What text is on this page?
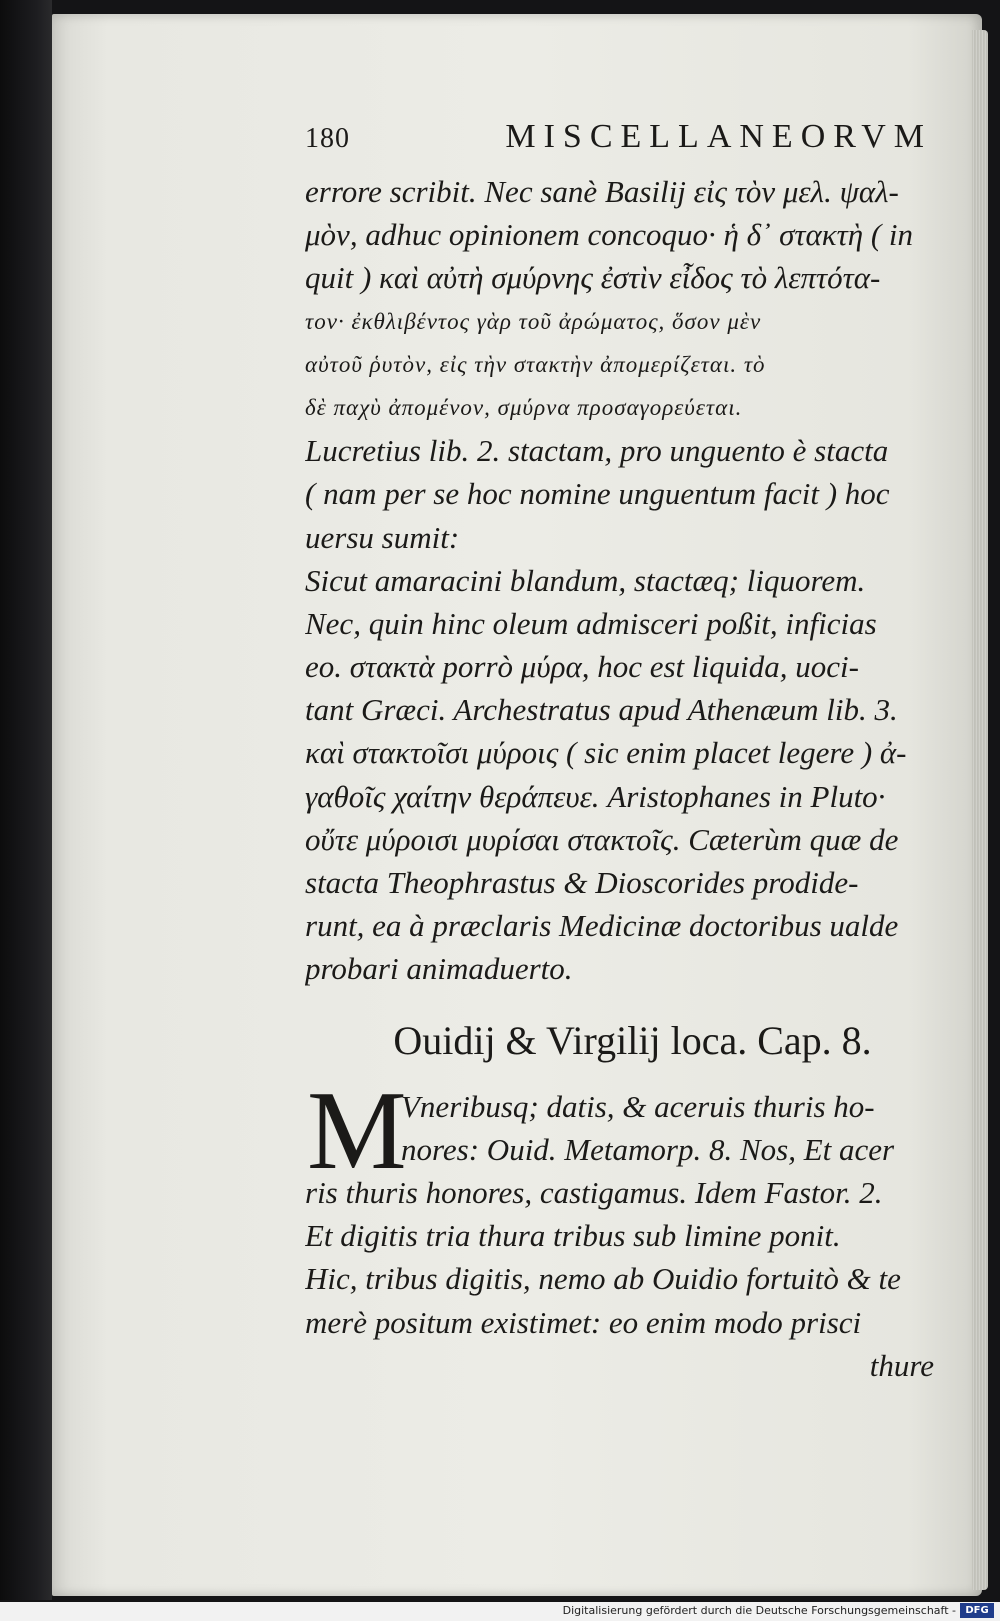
180	MISCELLANEORVM
errore scribit. Nec sanè Basilij εἰς τὸν μελ. ψαλ-
μὸν, adhuc opinionem concoquo· ἡ δ᾿ στακτὴ ( in
quit ) καὶ αὐτὴ σμύρνης ἐστὶν εἶδος τὸ λεπτότα-
τον· ἐκθλιβέντος γὰρ τοῦ ἀρώματος, ὅσον μὲν
αὐτοῦ ῥυτὸν, εἰς τὴν στακτὴν ἀπομερίζεται. τὸ
δὲ παχὺ ἀπομένον, σμύρνα προσαγορεύεται.
Lucretius lib. 2. stactam, pro unguento è stacta
( nam per se hoc nomine unguentum facit ) hoc
uersu sumit:
Sicut amaracini blandum, stactæq; liquorem.
Nec, quin hinc oleum admisceri poßit, inficias
eo. στακτὰ porrò μύρα, hoc est liquida, uoci-
tant Græci. Archestratus apud Athenæum lib. 3.
καὶ στακτοῖσι μύροις ( sic enim placet legere ) ἀ-
γαθοῖς χαίτην θεράπευε. Aristophanes in Pluto·
οὔτε μύροισι μυρίσαι στακτοῖς. Cæterùm quæ de
stacta Theophrastus & Dioscorides prodide-
runt, ea à præclaris Medicinæ doctoribus ualde
probari animaduerto.
Ouidij & Virgilij loca. Cap. 8.
M
Vneribusq; datis, & aceruis thuris ho-
nores: Ouid. Metamorp. 8. Nos, Et acer
ris thuris honores, castigamus. Idem Fastor. 2.
Et digitis tria thura tribus sub limine ponit.
Hic, tribus digitis, nemo ab Ouidio fortuitò & te
merè positum existimet: eo enim modo prisci
thure
Digitalisierung gefördert durch die Deutsche Forschungsgemeinschaft - DFG
